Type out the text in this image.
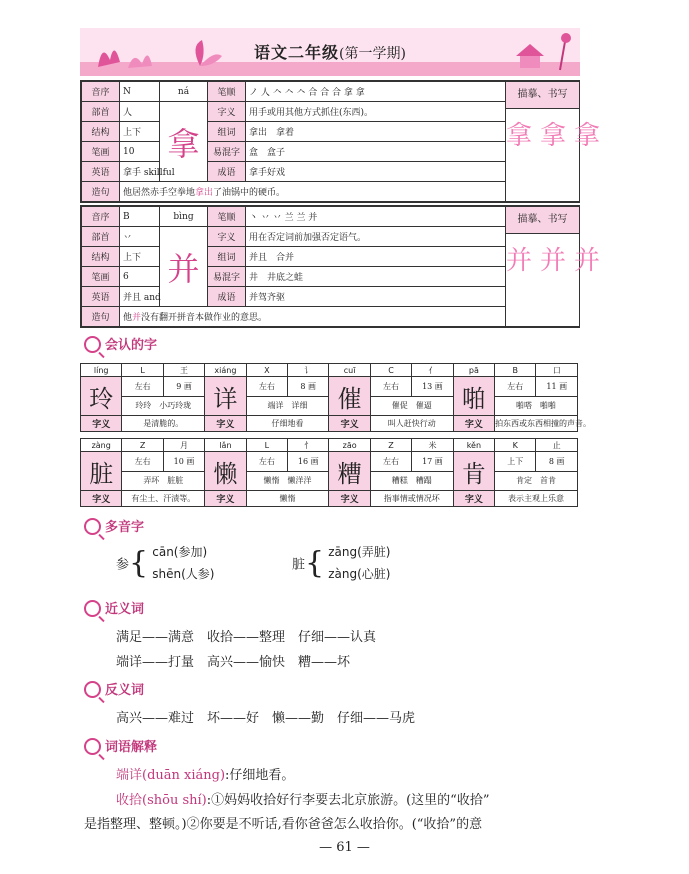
语文二年级(第一学期)
音序	N	ná	笔顺	ノ 人 𠆢 𠆢 𠆢 合 合 合 拿 拿	描摹、书写
拿拿拿

部首	人	拿	字义	用手或用其他方式抓住(东西)。	
结构	上下		组词	拿出　拿着	
笔画	10		易混字	盒　盒子	
英语	拿手 skillful		成语	拿手好戏	
造句	他居然赤手空拳地拿出了油锅中的硬币。				
音序	B	bìng	笔顺	丶 丷 丷 兰 兰 并	描摹、书写
并并并

部首	丷	并	字义	用在否定词前加强否定语气。	
结构	上下		组词	并且　合并	
笔画	6		易混字	井　井底之蛙	
英语	并且 and		成语	并驾齐驱	
造句	他并没有翻开拼音本做作业的意思。				
会认的字
líng	L	王	xiáng	X	讠	cuī	C	亻	pā	B	口
玲	左右	9 画	详	左右	8 画	催	左右	13 画	啪	左右	11 画
	玲玲　小巧玲珑			端详　详细			催促　催逼			啪嗒　啪啪	
字义	是清脆的。		字义	仔细地看		字义	叫人赶快行动		字义	拍东西或东西相撞的声音。	

zàng	Z	月	lǎn	L	忄	zāo	Z	米	kěn	K	止
脏	左右	10 画	懒	左右	16 画	糟	左右	17 画	肯	上下	8 画
	弄坏　脏脏			懒惰　懒洋洋			糟糕　糟蹋			肯定　首肯	
字义	有尘土、汗渍等。		字义	懒惰		字义	指事情或情况坏		字义	表示主观上乐意	
多音字
参{ cān(参加)
shēn(人参)
脏{ zāng(弄脏)
zàng(心脏)
近义词
满足——满意　收拾——整理　仔细——认真
端详——打量　高兴——愉快　糟——坏
反义词
高兴——难过　坏——好　懒——勤　仔细——马虎
词语解释
端详(duān xiáng):仔细地看。
收拾(shōu shí):①妈妈收拾好行李要去北京旅游。(这里的“收拾”
是指整理、整顿。)②你要是不听话,看你爸爸怎么收拾你。(“收拾”的意
— 61 —
